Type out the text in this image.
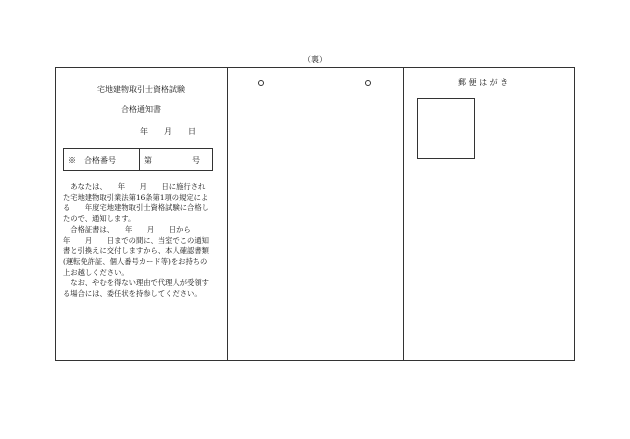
（裏）
宅地建物取引士資格試験
合格通知書
年　　月　　日
※　合格番号	第　　　　　号

　あなたは、　　年　　月　　日に施行され

た宅地建物取引業法第16条第1項の規定によ

る　　年度宅地建物取引士資格試験に合格し

たので、通知します。

　合格証書は、　　年　　月　　日から

年　　月　　日までの間に、当室でこの通知

書と引換えに交付しますから、本人確認書類

(運転免許証、個人番号カード等)をお持ちの

上お越しください。

　なお、やむを得ない理由で代理人が受領す

る場合には、委任状を持参してください。

郵 便 は が き
